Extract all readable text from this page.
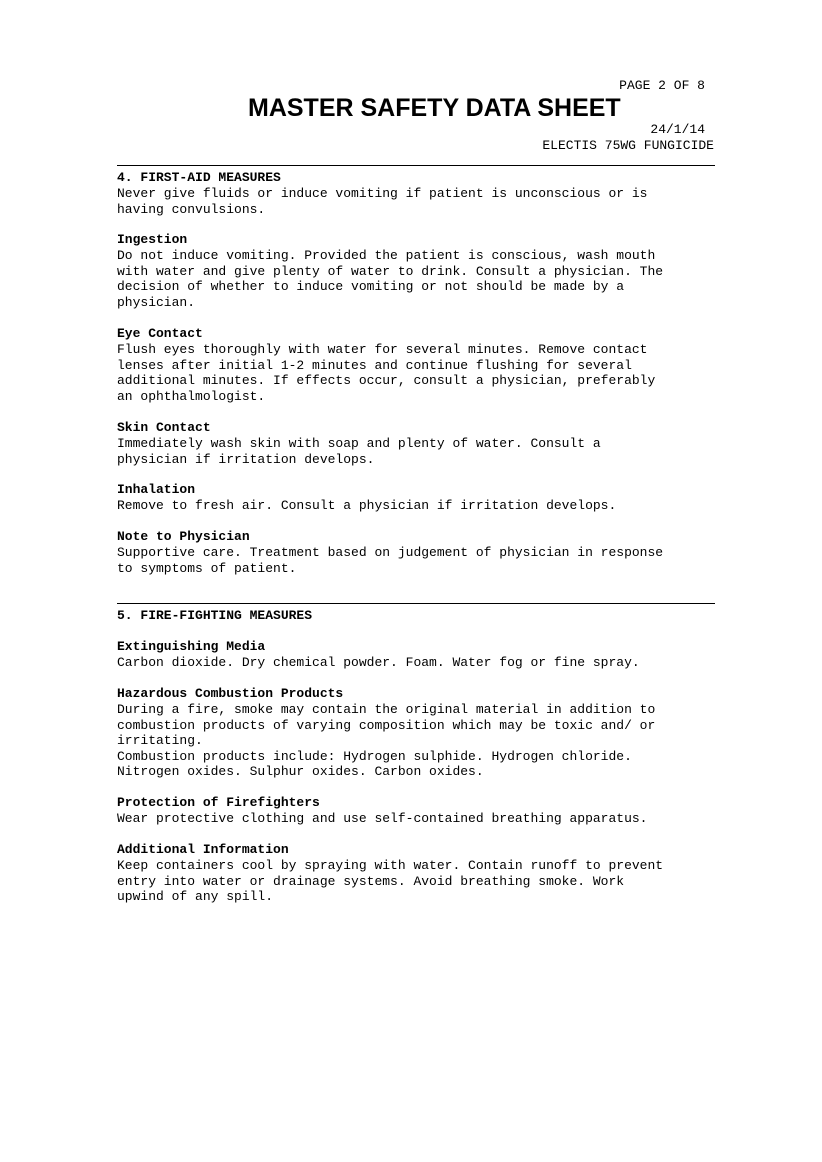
PAGE 2 OF 8
MASTER SAFETY DATA SHEET
24/1/14
ELECTIS 75WG FUNGICIDE
4. FIRST-AID MEASURES
Never give fluids or induce vomiting if patient is unconscious or is
having convulsions.
Ingestion
Do not induce vomiting. Provided the patient is conscious, wash mouth
with water and give plenty of water to drink. Consult a physician. The
decision of whether to induce vomiting or not should be made by a
physician.
Eye Contact
Flush eyes thoroughly with water for several minutes. Remove contact
lenses after initial 1-2 minutes and continue flushing for several
additional minutes. If effects occur, consult a physician, preferably
an ophthalmologist.
Skin Contact
Immediately wash skin with soap and plenty of water. Consult a
physician if irritation develops.
Inhalation
Remove to fresh air. Consult a physician if irritation develops.
Note to Physician
Supportive care. Treatment based on judgement of physician in response
to symptoms of patient.
5. FIRE-FIGHTING MEASURES
Extinguishing Media
Carbon dioxide. Dry chemical powder. Foam. Water fog or fine spray.
Hazardous Combustion Products
During a fire, smoke may contain the original material in addition to
combustion products of varying composition which may be toxic and/ or
irritating.
Combustion products include: Hydrogen sulphide. Hydrogen chloride.
Nitrogen oxides. Sulphur oxides. Carbon oxides.
Protection of Firefighters
Wear protective clothing and use self-contained breathing apparatus.
Additional Information
Keep containers cool by spraying with water. Contain runoff to prevent
entry into water or drainage systems. Avoid breathing smoke. Work
upwind of any spill.
